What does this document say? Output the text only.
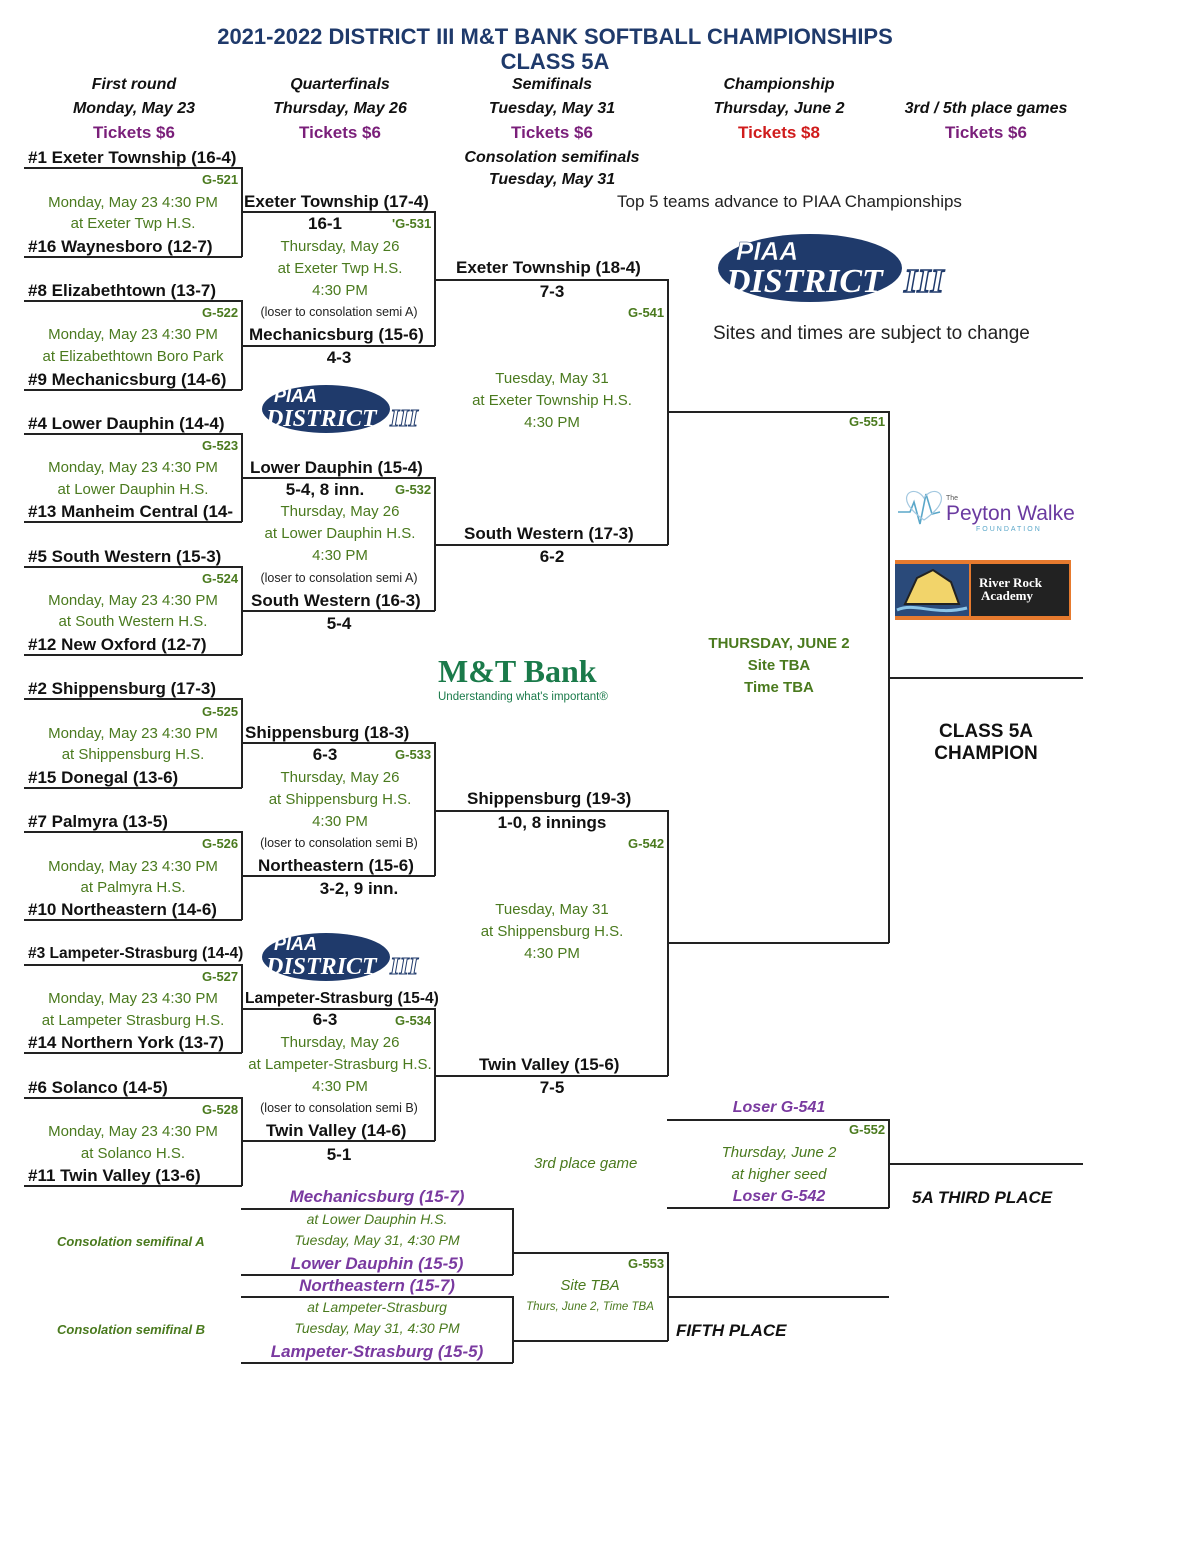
2021-2022 DISTRICT III M&T BANK SOFTBALL CHAMPIONSHIPS
CLASS 5A
First round
Monday, May 23
Tickets $6
Quarterfinals
Thursday, May 26
Tickets $6
Semifinals
Tuesday, May 31
Tickets $6
Championship
Thursday, June 2
Tickets $8
3rd / 5th place games
Tickets $6
Consolation semifinals
Tuesday, May 31
Top 5 teams advance to PIAA Championships
Sites and times are subject to change
#1 Exeter Township (16-4)
G-521
Monday, May 23 4:30 PM
at Exeter Twp H.S.
#16 Waynesboro (12-7)
#8 Elizabethtown (13-7)
G-522
Monday, May 23 4:30 PM
at Elizabethtown Boro Park
#9 Mechanicsburg (14-6)
#4 Lower Dauphin (14-4)
G-523
Monday, May 23 4:30 PM
at Lower Dauphin H.S.
#13 Manheim Central (14-
#5 South Western (15-3)
G-524
Monday, May 23 4:30 PM
at South Western H.S.
#12 New Oxford (12-7)
#2 Shippensburg (17-3)
G-525
Monday, May 23 4:30 PM
at Shippensburg H.S.
#15 Donegal (13-6)
#7 Palmyra (13-5)
G-526
Monday, May 23 4:30 PM
at Palmyra H.S.
#10 Northeastern (14-6)
#3 Lampeter-Strasburg (14-4)
G-527
Monday, May 23 4:30 PM
at Lampeter Strasburg H.S.
#14 Northern York (13-7)
#6 Solanco (14-5)
G-528
Monday, May 23 4:30 PM
at Solanco H.S.
#11 Twin Valley (13-6)
Exeter Township (17-4)
16-1	'G-531
Thursday, May 26
at Exeter Twp H.S.
4:30 PM
(loser to consolation semi A)
Mechanicsburg (15-6)
4-3
Lower Dauphin (15-4)
5-4, 8 inn.	G-532
Thursday, May 26
at Lower Dauphin H.S.
4:30 PM
(loser to consolation semi A)
South Western (16-3)
5-4
Shippensburg (18-3)
6-3	G-533
Thursday, May 26
at Shippensburg H.S.
4:30 PM
(loser to consolation semi B)
Northeastern (15-6)
3-2, 9 inn.
Lampeter-Strasburg (15-4)
6-3	G-534
Thursday, May 26
at Lampeter-Strasburg H.S.
4:30 PM
(loser to consolation semi B)
Twin Valley (14-6)
5-1
Exeter Township (18-4)
7-3
G-541
Tuesday, May 31
at Exeter Township H.S.
4:30 PM
South Western (17-3)
6-2
Shippensburg (19-3)
1-0, 8 innings
G-542
Tuesday, May 31
at Shippensburg H.S.
4:30 PM
Twin Valley (15-6)
7-5
G-551
THURSDAY, JUNE 2
Site TBA
Time TBA
CLASS 5A
CHAMPION
Loser G-541
G-552
Thursday, June 2
at higher seed
Loser G-542
3rd place game
5A THIRD PLACE
Consolation semifinal A
Mechanicsburg (15-7)
at Lower Dauphin H.S.
Tuesday, May 31, 4:30 PM
Lower Dauphin (15-5)
Consolation semifinal B
Northeastern (15-7)
at Lampeter-Strasburg
Tuesday, May 31, 4:30 PM
Lampeter-Strasburg (15-5)
G-553
Site TBA
Thurs, June 2, Time TBA
FIFTH PLACE
PIAA
DISTRICT III
PIAA
DISTRICT III
PIAA
DISTRICT III
M&T Bank
Understanding what's important®
The
Peyton Walker
FOUNDATION
River Rock
Academy
